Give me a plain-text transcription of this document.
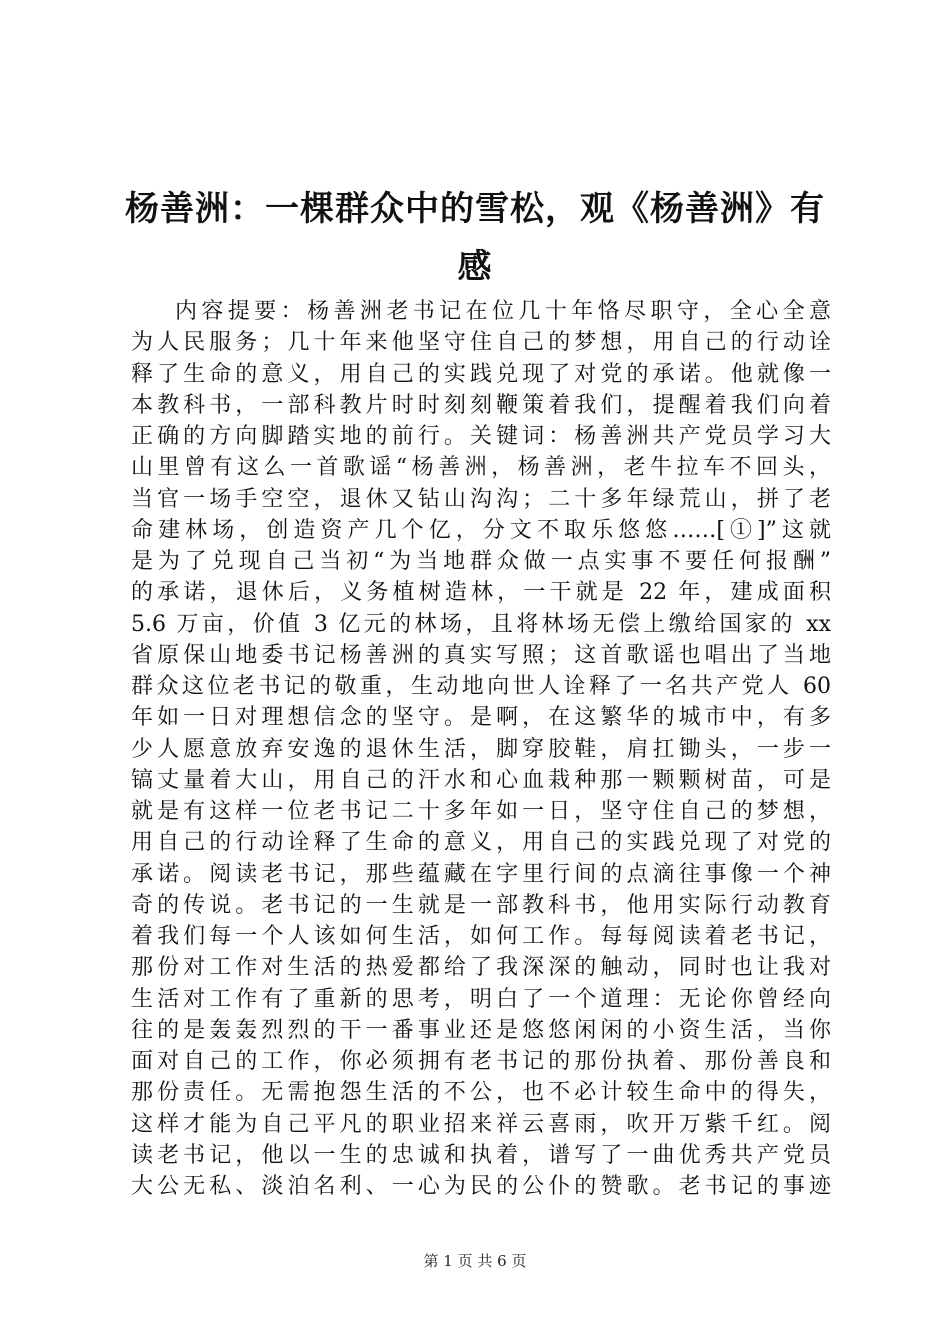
杨善洲：一棵群众中的雪松，观《杨善洲》有
感
内容提要：杨善洲老书记在位几十年恪尽职守，全心全意
为人民服务；几十年来他坚守住自己的梦想，用自己的行动诠
释了生命的意义，用自己的实践兑现了对党的承诺。他就像一
本教科书，一部科教片时时刻刻鞭策着我们，提醒着我们向着
正确的方向脚踏实地的前行。关键词：杨善洲共产党员学习大
山里曾有这么一首歌谣“杨善洲，杨善洲，老牛拉车不回头，
当官一场手空空，退休又钻山沟沟；二十多年绿荒山，拼了老
命建林场，创造资产几个亿，分文不取乐悠悠……[①]”这就
是为了兑现自己当初“为当地群众做一点实事不要任何报酬”
的承诺，退休后，义务植树造林，一干就是 22 年，建成面积
5.6 万亩，价值 3 亿元的林场，且将林场无偿上缴给国家的 xx
省原保山地委书记杨善洲的真实写照；这首歌谣也唱出了当地
群众这位老书记的敬重，生动地向世人诠释了一名共产党人 60
年如一日对理想信念的坚守。是啊，在这繁华的城市中，有多
少人愿意放弃安逸的退休生活，脚穿胶鞋，肩扛锄头，一步一
镐丈量着大山，用自己的汗水和心血栽种那一颗颗树苗，可是
就是有这样一位老书记二十多年如一日，坚守住自己的梦想，
用自己的行动诠释了生命的意义，用自己的实践兑现了对党的
承诺。阅读老书记，那些蕴藏在字里行间的点滴往事像一个神
奇的传说。老书记的一生就是一部教科书，他用实际行动教育
着我们每一个人该如何生活，如何工作。每每阅读着老书记，
那份对工作对生活的热爱都给了我深深的触动，同时也让我对
生活对工作有了重新的思考，明白了一个道理：无论你曾经向
往的是轰轰烈烈的干一番事业还是悠悠闲闲的小资生活，当你
面对自己的工作，你必须拥有老书记的那份执着、那份善良和
那份责任。无需抱怨生活的不公，也不必计较生命中的得失，
这样才能为自己平凡的职业招来祥云喜雨，吹开万紫千红。阅
读老书记，他以一生的忠诚和执着，谱写了一曲优秀共产党员
大公无私、淡泊名利、一心为民的公仆的赞歌。老书记的事迹
第 1 页 共 6 页
